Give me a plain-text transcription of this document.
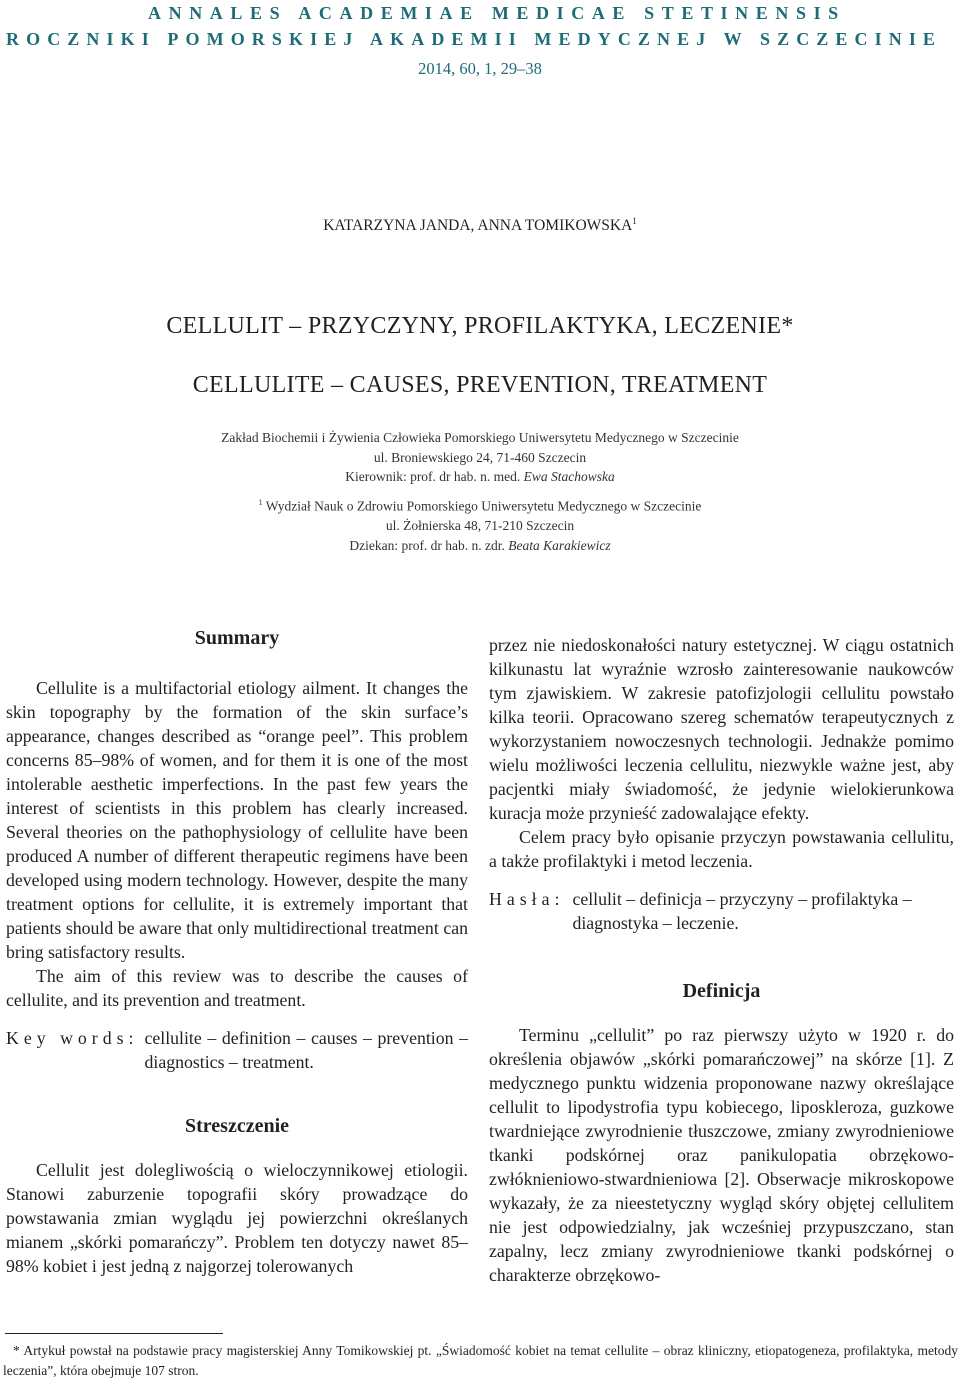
ANNALES ACADEMIAE MEDICAE STETINENSIS
ROCZNIKI POMORSKIEJ AKADEMII MEDYCZNEJ W SZCZECINIE
2014, 60, 1, 29–38
KATARZYNA JANDA, ANNA TOMIKOWSKA$^1$
CELLULIT – PRZYCZYNY, PROFILAKTYKA, LECZENIE*
CELLULITE – CAUSES, PREVENTION, TREATMENT
Zakład Biochemii i Żywienia Człowieka Pomorskiego Uniwersytetu Medycznego w Szczecinie
ul. Broniewskiego 24, 71-460 Szczecin
Kierownik: prof. dr hab. n. med. Ewa Stachowska
$^1$ Wydział Nauk o Zdrowiu Pomorskiego Uniwersytetu Medycznego w Szczecinie
ul. Żołnierska 48, 71-210 Szczecin
Dziekan: prof. dr hab. n. zdr. Beata Karakiewicz
Summary

Cellulite is a multifactorial etiology ailment. It changes the skin topography by the formation of the skin surface’s appearance, changes described as “orange peel”. This problem concerns 85–98% of women, and for them it is one of the most intolerable aesthetic imperfections. In the past few years the interest of scientists in this problem has clearly increased. Several theories on the pathophysiology of cellulite have been produced A number of different therapeutic regimens have been developed using modern technology. However, despite the many treatment options for cellulite, it is extremely important that patients should be aware that only multidirectional treatment can bring satisfactory results.

The aim of this review was to describe the causes of cellulite, and its prevention and treatment.

Key words: cellulite – definition – causes – prevention – diagnostics – treatment.
Streszczenie

Cellulit jest dolegliwością o wieloczynnikowej etiologii. Stanowi zaburzenie topografii skóry prowadzące do powstawania zmian wyglądu jej powierzchni określanych mianem „skórki pomarańczy”. Problem ten dotyczy nawet 85–98% kobiet i jest jedną z najgorzej tolerowanych

przez nie niedoskonałości natury estetycznej. W ciągu ostatnich kilkunastu lat wyraźnie wzrosło zainteresowanie naukowców tym zjawiskiem. W zakresie patofizjologii cellulitu powstało kilka teorii. Opracowano szereg schematów terapeutycznych z wykorzystaniem nowoczesnych technologii. Jednakże pomimo wielu możliwości leczenia cellulitu, niezwykle ważne jest, aby pacjentki miały świadomość, że jedynie wielokierunkowa kuracja może przynieść zadowalające efekty.

Celem pracy było opisanie przyczyn powstawania cellulitu, a także profilaktyki i metod leczenia.

Hasła: cellulit – definicja – przyczyny – profilaktyka – diagnostyka – leczenie.
Definicja

Terminu „cellulit” po raz pierwszy użyto w 1920 r. do określenia objawów „skórki pomarańczowej” na skórze [1]. Z medycznego punktu widzenia proponowane nazwy określające cellulit to lipodystrofia typu kobiecego, liposkleroza, guzkowe twardniejące zwyrodnienie tłuszczowe, zmiany zwyrodnieniowe tkanki podskórnej oraz panikulopatia obrzękowo-zwłóknieniowo-stwardnieniowa [2]. Obserwacje mikroskopowe wykazały, że za nieestetyczny wygląd skóry objętej cellulitem nie jest odpowiedzialny, jak wcześniej przypuszczano, stan zapalny, lecz zmiany zwyrodnieniowe tkanki podskórnej o charakterze obrzękowo-

* Artykuł powstał na podstawie pracy magisterskiej Anny Tomikowskiej pt. „Świadomość kobiet na temat cellulite – obraz kliniczny, etiopatogeneza, profilaktyka, metody leczenia”, która obejmuje 107 stron.
